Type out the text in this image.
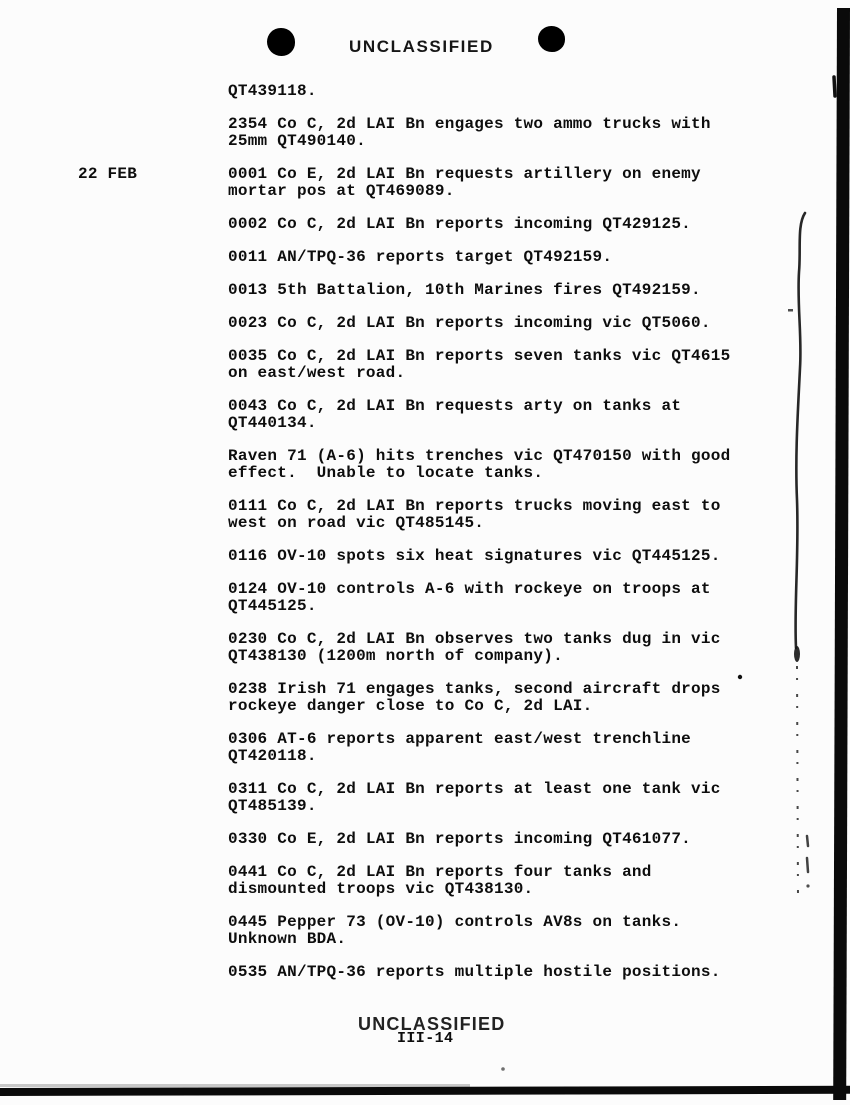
UNCLASSIFIED
22 FEB
QT439118.
2354 Co C, 2d LAI Bn engages two ammo trucks with
25mm QT490140.
0001 Co E, 2d LAI Bn requests artillery on enemy
mortar pos at QT469089.
0002 Co C, 2d LAI Bn reports incoming QT429125.
0011 AN/TPQ-36 reports target QT492159.
0013 5th Battalion, 10th Marines fires QT492159.
0023 Co C, 2d LAI Bn reports incoming vic QT5060.
0035 Co C, 2d LAI Bn reports seven tanks vic QT4615
on east/west road.
0043 Co C, 2d LAI Bn requests arty on tanks at
QT440134.
Raven 71 (A-6) hits trenches vic QT470150 with good
effect.  Unable to locate tanks.
0111 Co C, 2d LAI Bn reports trucks moving east to
west on road vic QT485145.
0116 OV-10 spots six heat signatures vic QT445125.
0124 OV-10 controls A-6 with rockeye on troops at
QT445125.
0230 Co C, 2d LAI Bn observes two tanks dug in vic
QT438130 (1200m north of company).
0238 Irish 71 engages tanks, second aircraft drops
rockeye danger close to Co C, 2d LAI.
0306 AT-6 reports apparent east/west trenchline
QT420118.
0311 Co C, 2d LAI Bn reports at least one tank vic
QT485139.
0330 Co E, 2d LAI Bn reports incoming QT461077.
0441 Co C, 2d LAI Bn reports four tanks and
dismounted troops vic QT438130.
0445 Pepper 73 (OV-10) controls AV8s on tanks.
Unknown BDA.
0535 AN/TPQ-36 reports multiple hostile positions.
UNCLASSIFIED
III-14
